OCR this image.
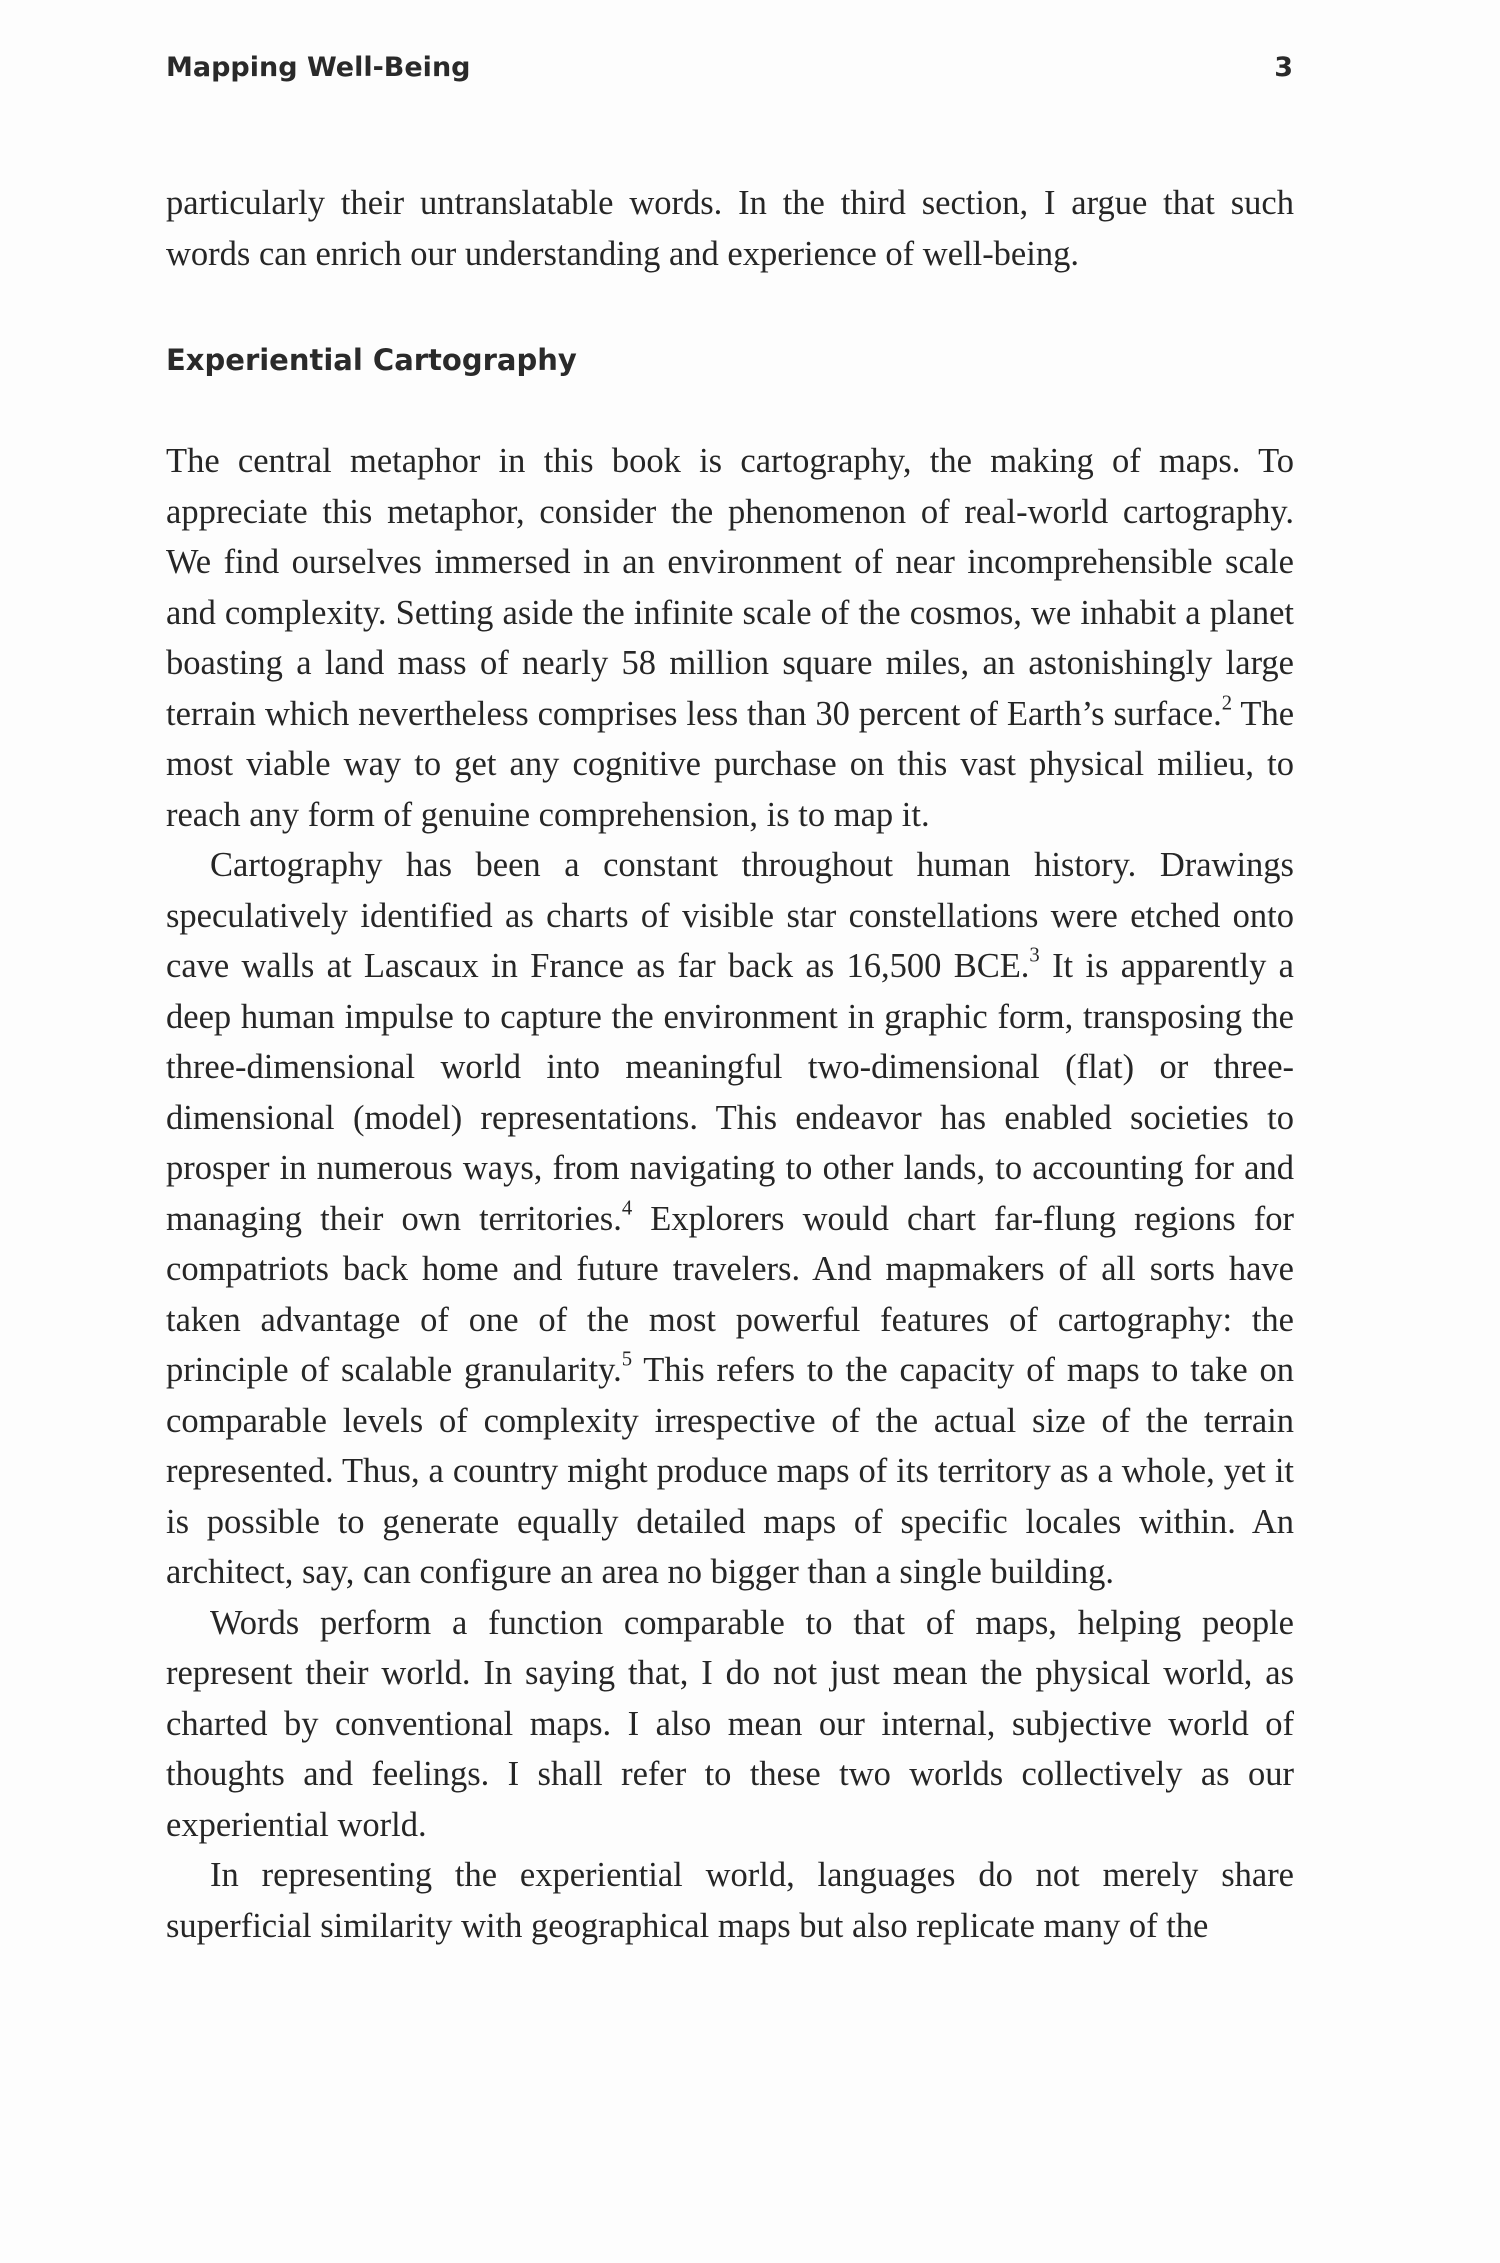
Mapping Well-Being	3

particularly their untranslatable words. In the third section, I argue that such words can enrich our understanding and experience of well-being.

Experiential Cartography

The central metaphor in this book is cartography, the making of maps. To appreciate this metaphor, consider the phenomenon of real-world cartography. We find ourselves immersed in an environment of near incomprehensible scale and complexity. Setting aside the infinite scale of the cosmos, we inhabit a planet boasting a land mass of nearly 58 million square miles, an astonishingly large terrain which nevertheless comprises less than 30 percent of Earth’s surface.$^2$ The most viable way to get any cognitive purchase on this vast physical milieu, to reach any form of genuine comprehension, is to map it.

Cartography has been a constant throughout human history. Drawings speculatively identified as charts of visible star constellations were etched onto cave walls at Lascaux in France as far back as 16,500 BCE.$^3$ It is apparently a deep human impulse to capture the environment in graphic form, transposing the three-dimensional world into meaningful two-dimensional (flat) or three-dimensional (model) representations. This endeavor has enabled societies to prosper in numerous ways, from navigating to other lands, to accounting for and managing their own territories.$^4$ Explorers would chart far-flung regions for compatriots back home and future travelers. And mapmakers of all sorts have taken advantage of one of the most powerful features of cartography: the principle of scalable granularity.$^5$ This refers to the capacity of maps to take on comparable levels of complexity irrespective of the actual size of the terrain represented. Thus, a country might produce maps of its territory as a whole, yet it is possible to generate equally detailed maps of specific locales within. An architect, say, can configure an area no bigger than a single building.

Words perform a function comparable to that of maps, helping people represent their world. In saying that, I do not just mean the physical world, as charted by conventional maps. I also mean our internal, subjective world of thoughts and feelings. I shall refer to these two worlds collectively as our experiential world.

In representing the experiential world, languages do not merely share superficial similarity with geographical maps but also replicate many of the
